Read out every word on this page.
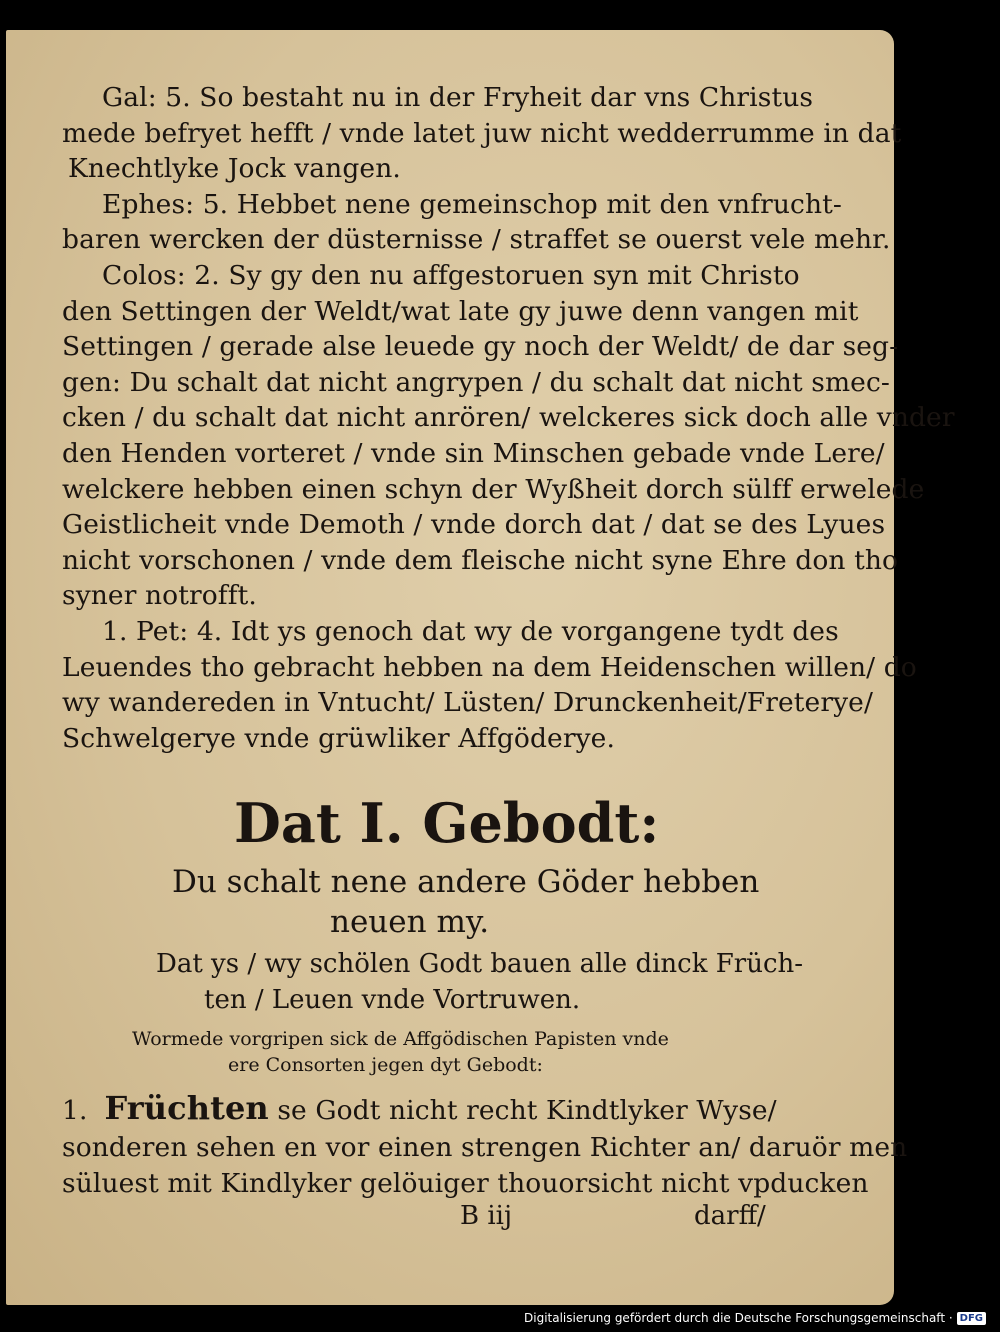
Gal: 5. So bestaht nu in der Fryheit dar vns Christus
mede befryet hefft / vnde latet juw nicht wedderrumme in dat
Knechtlyke Jock vangen.
Ephes: 5. Hebbet nene gemeinschop mit den vnfrucht-
baren wercken der düsternisse / straffet se ouerst vele mehr.
Colos: 2. Sy gy den nu affgestoruen syn mit Christo
den Settingen der Weldt/wat late gy juwe denn vangen mit
Settingen / gerade alse leuede gy noch der Weldt/ de dar seg-
gen: Du schalt dat nicht angrypen / du schalt dat nicht smec-
cken / du schalt dat nicht anrören/ welckeres sick doch alle vnder
den Henden vorteret / vnde sin Minschen gebade vnde Lere/
welckere hebben einen schyn der Wyßheit dorch sülff erwelede
Geistlicheit vnde Demoth / vnde dorch dat / dat se des Lyues
nicht vorschonen / vnde dem fleische nicht syne Ehre don tho
syner notrofft.
1. Pet: 4. Idt ys genoch dat wy de vorgangene tydt des
Leuendes tho gebracht hebben na dem Heidenschen willen/ do
wy wandereden in Vntucht/ Lüsten/ Drunckenheit/Freterye/
Schwelgerye vnde grüwliker Affgöderye.
Dat I. Gebodt:
Du schalt nene andere Göder hebben
neuen my.
Dat ys / wy schölen Godt bauen alle dinck Früch-
ten / Leuen vnde Vortruwen.
Wormede vorgripen sick de Affgödischen Papisten vnde
ere Consorten jegen dyt Gebodt:
1. Früchten se Godt nicht recht Kindtlyker Wyse/
sonderen sehen en vor einen strengen Richter an/ daruör men
süluest mit Kindlyker gelöuiger thouorsicht nicht vpducken
B iij	darff/
Digitalisierung gefördert durch die Deutsche Forschungsgemeinschaft · DFG
